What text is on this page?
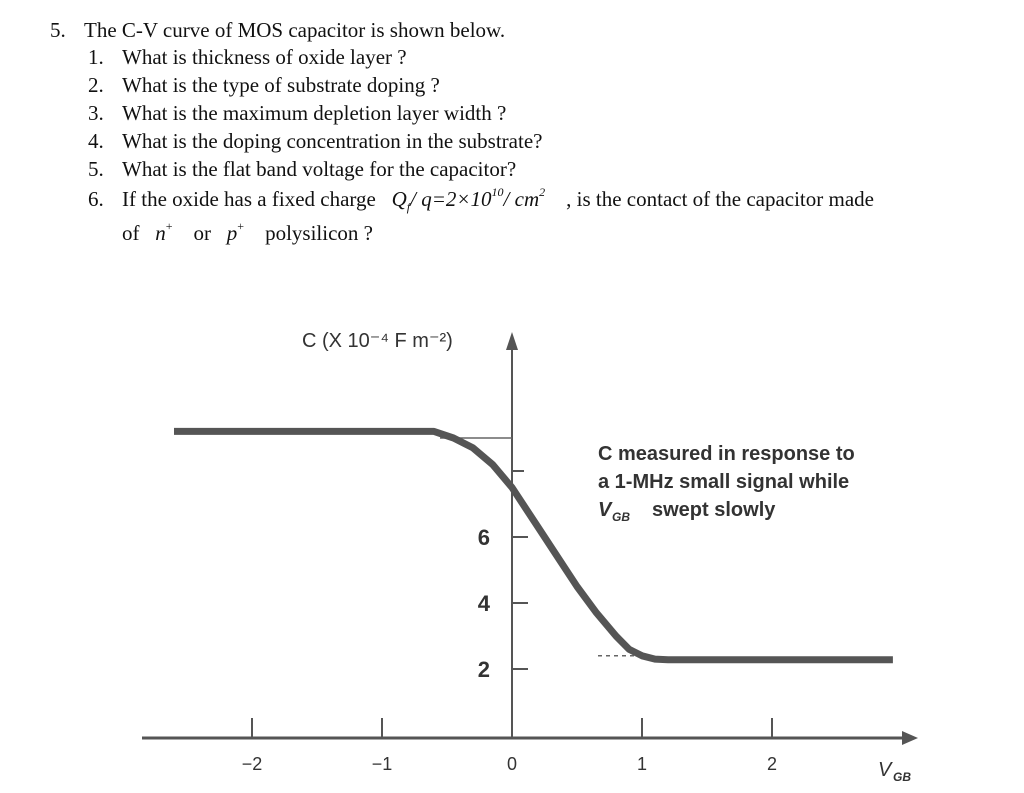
5. The C-V curve of MOS capacitor is shown below.
1. What is thickness of oxide layer ?
2. What is the type of substrate doping ?
3. What is the maximum depletion layer width ?
4. What is the doping concentration in the substrate?
5. What is the flat band voltage for the capacitor?
6. If the oxide has a fixed charge $Q_f/$ $q=2\times 10^{10}/$ $cm^2$ , is the contact of the capacitor made
of n+ or p+ polysilicon ?
C (X 10⁻⁴ F m⁻²)
C measured in response to
a 1-MHz small signal while
V GB swept slowly
V GB
−2	−1	0	1	2
2
4
6
